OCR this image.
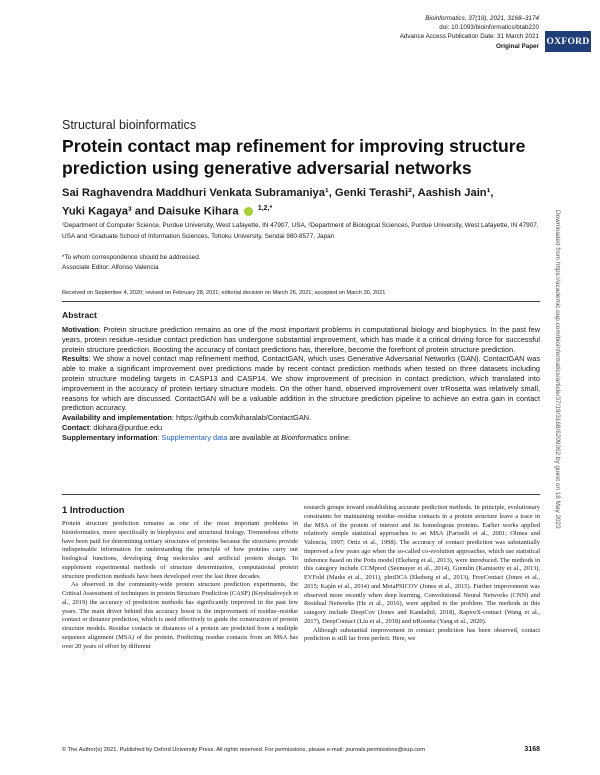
Bioinformatics, 37(19), 2021, 3168–3174
doi: 10.1093/bioinformatics/btab220
Advance Access Publication Date: 31 March 2021
Original Paper OXFORD
Structural bioinformatics
Protein contact map refinement for improving structure prediction using generative adversarial networks
Sai Raghavendra Maddhuri Venkata Subramaniya¹, Genki Terashi², Aashish Jain¹,
Yuki Kagaya³ and Daisuke Kihara	$^{1,2,*}$
¹Department of Computer Science, Purdue University, West Lafayette, IN 47907, USA, ²Department of Biological Sciences, Purdue University, West Lafayette, IN 47907, USA and ³Graduate School of Information Sciences, Tohoku University, Sendai 980-8577, Japan
*To whom correspondence should be addressed.
Associate Editor: Alfonso Valencia
Received on September 4, 2020; revised on February 28, 2021; editorial decision on March 26, 2021; accepted on March 30, 2021
Abstract

Motivation: Protein structure prediction remains as one of the most important problems in computational biology and biophysics. In the past few years, protein residue–residue contact prediction has undergone substantial improvement, which has made it a critical driving force for successful protein structure prediction. Boosting the accuracy of contact predictions has, therefore, become the forefront of protein structure prediction.

Results: We show a novel contact map refinement method, ContactGAN, which uses Generative Adversarial Networks (GAN). ContactGAN was able to make a significant improvement over predictions made by recent contact prediction methods when tested on three datasets including protein structure modeling targets in CASP13 and CASP14. We show improvement of precision in contact prediction, which translated into improvement in the accuracy of protein tertiary structure models. On the other hand, observed improvement over trRosetta was relatively small, reasons for which are discussed. ContactGAN will be a valuable addition in the structure prediction pipeline to achieve an extra gain in contact prediction accuracy.

Availability and implementation: https://github.com/kiharalab/ContactGAN.

Contact: dkihara@purdue.edu

Supplementary information: Supplementary data are available at Bioinformatics online.

1 Introduction

Protein structure prediction remains as one of the most important problems in bioinformatics, more specifically in biophysics and structural biology. Tremendous efforts have been paid for determining tertiary structures of proteins because the structures provide indispensable information for understanding the principle of how proteins carry out biological functions, developing drug molecules and artificial protein design. To supplement experimental methods of structure determination, computational protein structure prediction methods have been developed over the last three decades.

As observed in the community-wide protein structure prediction experiments, the Critical Assessment of techniques in protein Structure Prediction (CASP) (Kryshtafovych et al., 2019) the accuracy of prediction methods has significantly improved in the past few years. The main driver behind this accuracy boost is the improvement of residue–residue contact or distance prediction, which is used effectively to guide the construction of protein structure models. Residue contacts or distances of a protein are predicted from a multiple sequence alignment (MSA) of the protein. Predicting residue contacts from an MSA has over 20 years of effort by different

research groups toward establishing accurate prediction methods. In principle, evolutionary constraints for maintaining residue–residue contacts in a protein structure leave a trace in the MSA of the protein of interest and its homologous proteins. Earlier works applied relatively simple statistical approaches to an MSA (Fariselli et al., 2001; Olmea and Valencia, 1997; Ortiz et al., 1998). The accuracy of contact prediction was substantially improved a few years ago when the so-called co-evolution approaches, which use statistical inference based on the Potts model (Ekeberg et al., 2013), were introduced. The methods in this category include CCMpred (Seemayer et al., 2014), Gremlin (Kamisetty et al., 2013), EVFold (Marks et al., 2011), plmDCA (Ekeberg et al., 2013), FreeContact (Jones et al., 2015; Kaján et al., 2014) and MetaPSICOV (Jones et al., 2015). Further improvement was observed more recently when deep learning, Convolutional Neural Networks (CNN) and Residual Networks (He et al., 2016), were applied to the problem. The methods in this category include DeepCov (Jones and Kandathil, 2018), RaptorX-contact (Wang et al., 2017), DeepContact (Liu et al., 2018) and trRosetta (Yang et al., 2020).

Although substantial improvement in contact prediction has been observed, contact prediction is still far from perfect. Here, we

© The Author(s) 2021. Published by Oxford University Press. All rights reserved. For permissions, please e-mail: journals.permissions@oup.com	3168
Downloaded from https://academic.oup.com/bioinformatics/article/37/19/3168/6209362 by guest on 18 May 2023
